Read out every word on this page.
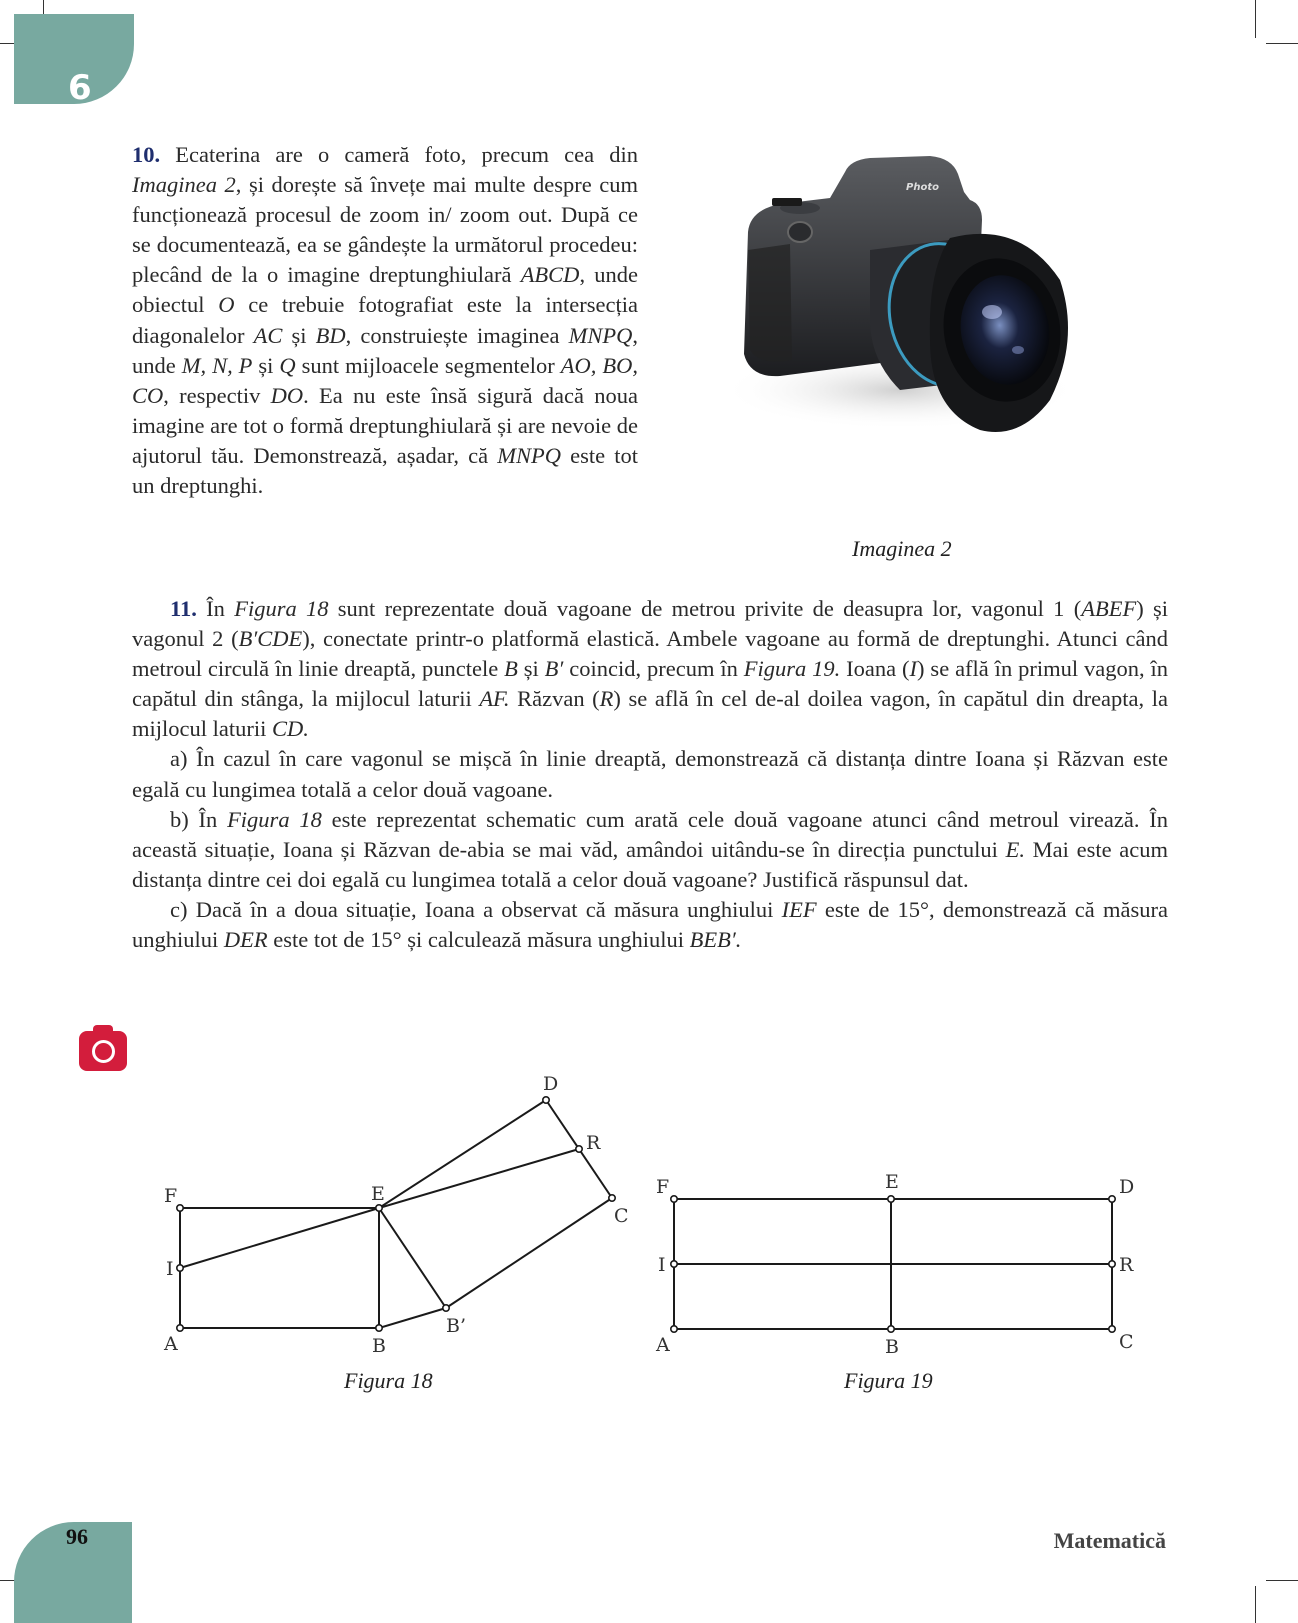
6
10. Ecaterina are o cameră foto, precum cea din Imaginea 2, și dorește să învețe mai multe despre cum funcționează procesul de zoom in/ zoom out. După ce se documentează, ea se gândește la următorul procedeu: plecând de la o imagine dreptunghiulară ABCD, unde obiectul O ce trebuie fotografiat este la intersecția diagonalelor AC și BD, construiește imaginea MNPQ, unde M, N, P și Q sunt mijloacele segmentelor AO, BO, CO, respectiv DO. Ea nu este însă sigură dacă noua imagine are tot o formă dreptunghiulară și are nevoie de ajutorul tău. Demonstrează, așadar, că MNPQ este tot un dreptunghi.
Photo
Imaginea 2
11. În Figura 18 sunt reprezentate două vagoane de metrou privite de deasupra lor, vagonul 1 (ABEF) și vagonul 2 (B′CDE), conectate printr-o platformă elastică. Ambele vagoane au formă de dreptunghi. Atunci când metroul circulă în linie dreaptă, punctele B și B′ coincid, precum în Figura 19. Ioana (I) se află în primul vagon, în capătul din stânga, la mijlocul laturii AF. Răzvan (R) se află în cel de-al doilea vagon, în capătul din dreapta, la mijlocul laturii CD.
a) În cazul în care vagonul se mișcă în linie dreaptă, demonstrează că distanța dintre Ioana și Răzvan este egală cu lungimea totală a celor două vagoane.
b) În Figura 18 este reprezentat schematic cum arată cele două vagoane atunci când metroul virează. În această situație, Ioana și Răzvan de-abia se mai văd, amândoi uitându-se în direcția punctului E. Mai este acum distanța dintre cei doi egală cu lungimea totală a celor două vagoane? Justifică răspunsul dat.
c) Dacă în a doua situație, Ioana a observat că măsura unghiului IEF este de 15°, demonstrează că măsura unghiului DER este tot de 15° și calculează măsura unghiului BEB′.
F
I
A	B
E
B’
C
D
R
Figura 18
F
I
A	B
E	D
R
C
Figura 19
96	Matematică
